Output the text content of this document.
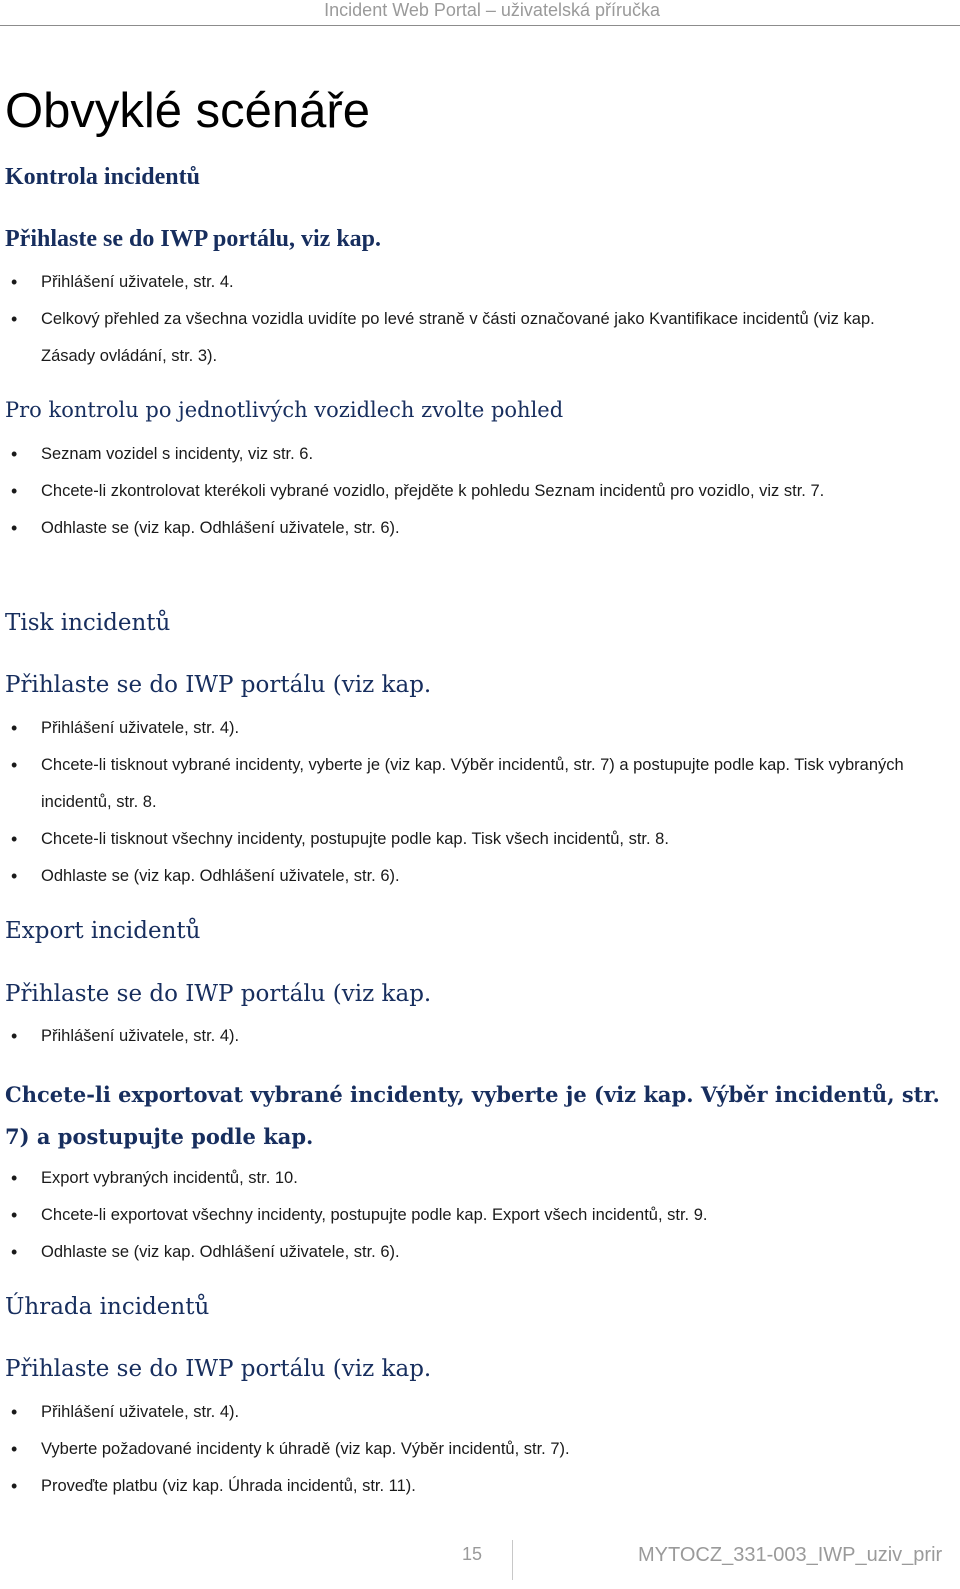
Incident Web Portal – uživatelská příručka
Obvyklé scénáře
Kontrola incidentů
Přihlaste se do IWP portálu, viz kap.
• Přihlášení uživatele, str. 4.
• Celkový přehled za všechna vozidla uvidíte po levé straně v části označované jako Kvantifikace incidentů (viz kap. Zásady ovládání, str. 3).
Pro kontrolu po jednotlivých vozidlech zvolte pohled
• Seznam vozidel s incidenty, viz str. 6.
• Chcete-li zkontrolovat kterékoli vybrané vozidlo, přejděte k pohledu Seznam incidentů pro vozidlo, viz str. 7.
• Odhlaste se (viz kap. Odhlášení uživatele, str. 6).
Tisk incidentů
Přihlaste se do IWP portálu (viz kap.
• Přihlášení uživatele, str. 4).
• Chcete-li tisknout vybrané incidenty, vyberte je (viz kap. Výběr incidentů, str. 7) a postupujte podle kap. Tisk vybraných incidentů, str. 8.
• Chcete-li tisknout všechny incidenty, postupujte podle kap. Tisk všech incidentů, str. 8.
• Odhlaste se (viz kap. Odhlášení uživatele, str. 6).
Export incidentů
Přihlaste se do IWP portálu (viz kap.
• Přihlášení uživatele, str. 4).
Chcete-li exportovat vybrané incidenty, vyberte je (viz kap. Výběr incidentů, str. 7) a postupujte podle kap.
• Export vybraných incidentů, str. 10.
• Chcete-li exportovat všechny incidenty, postupujte podle kap. Export všech incidentů, str. 9.
• Odhlaste se (viz kap. Odhlášení uživatele, str. 6).
Úhrada incidentů
Přihlaste se do IWP portálu (viz kap.
• Přihlášení uživatele, str. 4).
• Vyberte požadované incidenty k úhradě (viz kap. Výběr incidentů, str. 7).
• Proveďte platbu (viz kap. Úhrada incidentů, str. 11).
15	MYTOCZ_331-003_IWP_uziv_prir
